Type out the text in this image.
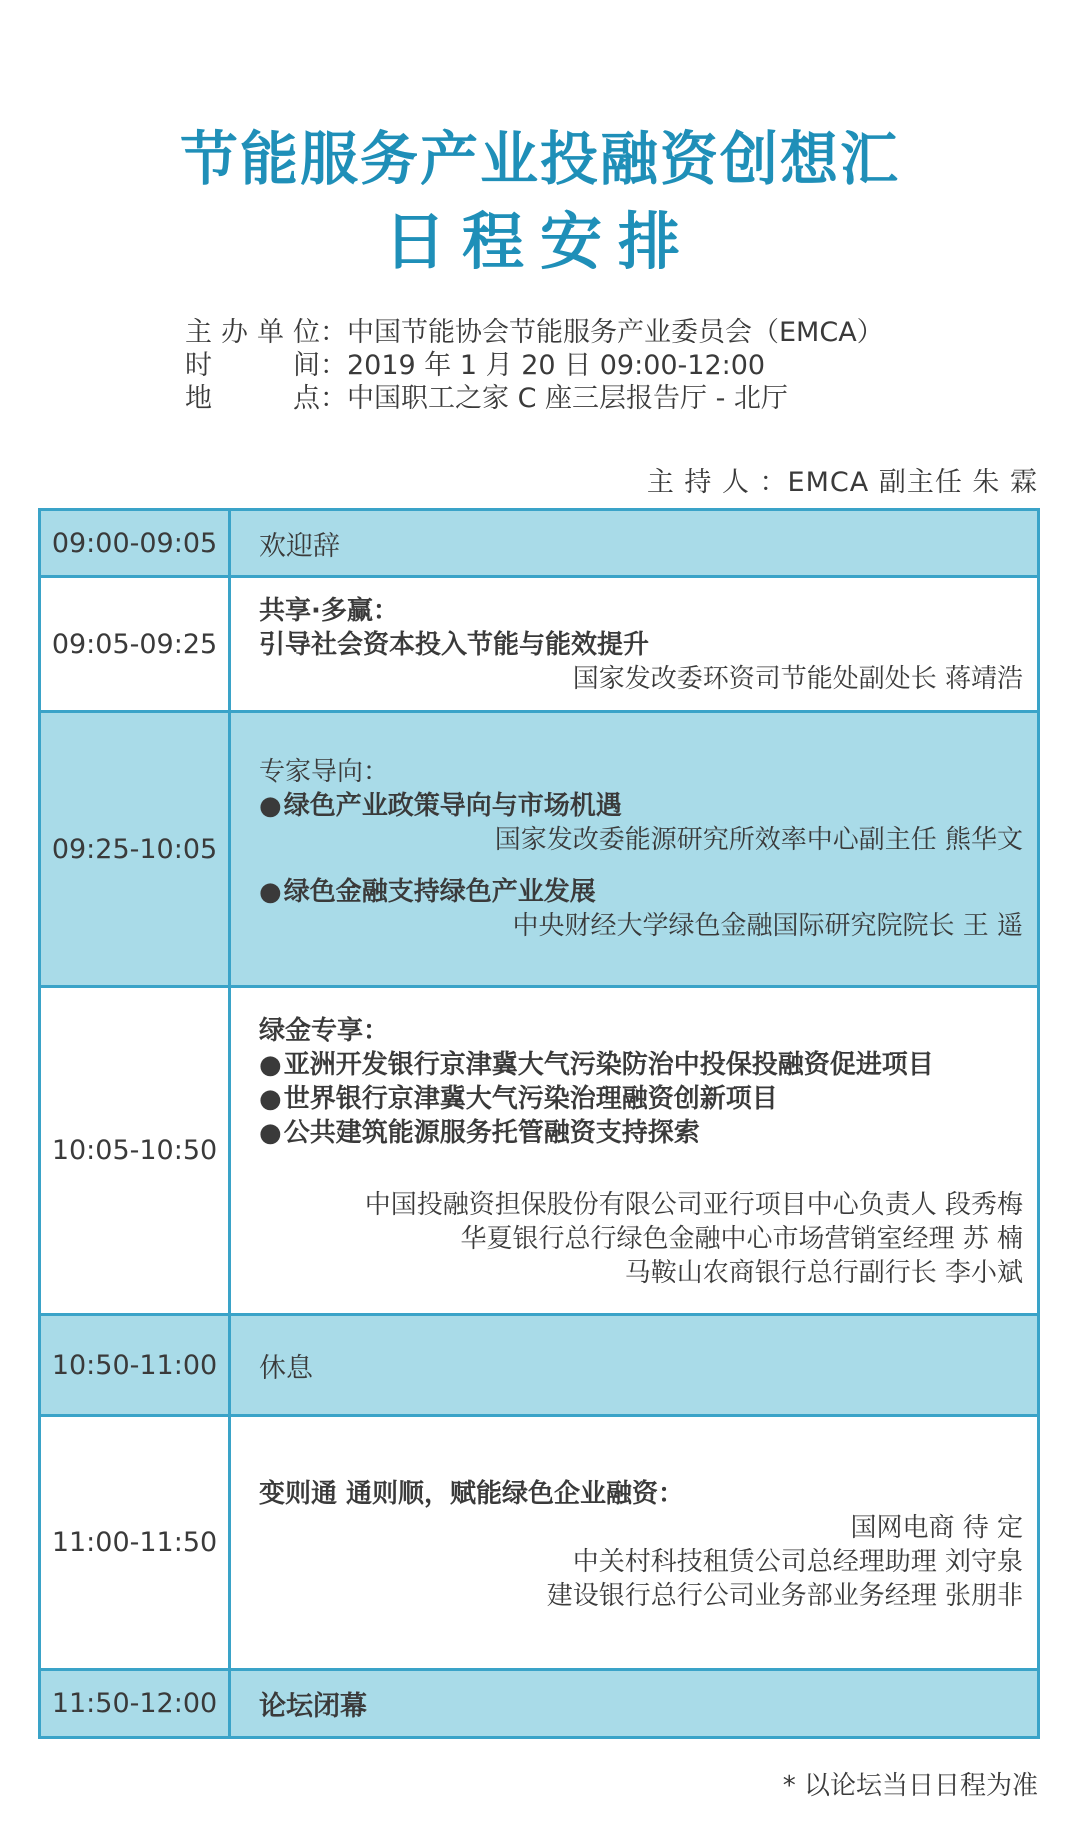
节能服务产业投融资创想汇
日程安排
主 办 单 位 ： 中国节能协会节能服务产业委员会（EMCA）
时	间 ： 2019 年 1 月 20 日 09:00-12:00
地	点 ： 中国职工之家 C 座三层报告厅 - 北厅
主 持 人 ：EMCA 副主任 朱 霖
09:00-09:05	欢迎辞
09:05-09:25
共享·多赢：
引导社会资本投入节能与能效提升
国家发改委环资司节能处副处长 蒋靖浩
09:25-10:05
专家导向：
● 绿色产业政策导向与市场机遇
国家发改委能源研究所效率中心副主任 熊华文
● 绿色金融支持绿色产业发展
中央财经大学绿色金融国际研究院院长 王 遥
10:05-10:50
绿金专享：
● 亚洲开发银行京津冀大气污染防治中投保投融资促进项目
● 世界银行京津冀大气污染治理融资创新项目
● 公共建筑能源服务托管融资支持探索
中国投融资担保股份有限公司亚行项目中心负责人 段秀梅
华夏银行总行绿色金融中心市场营销室经理 苏 楠
马鞍山农商银行总行副行长 李小斌
10:50-11:00	休息
11:00-11:50
变则通 通则顺，赋能绿色企业融资：
国网电商 待 定
中关村科技租赁公司总经理助理 刘守泉
建设银行总行公司业务部业务经理 张朋非
11:50-12:00	论坛闭幕
* 以论坛当日日程为准
